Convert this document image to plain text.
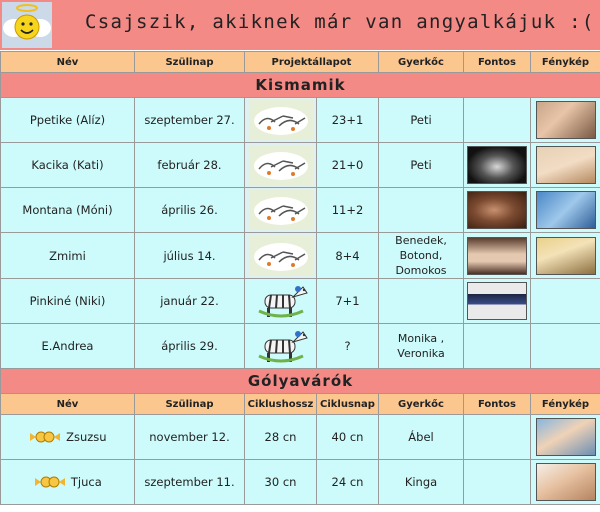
Csajszik, akiknek már van angyalkájuk :(
Név	Szülinap	Projektállapot		Gyerkőc	Fontos	Fénykép
Kismamik						
Ppetike (Alíz)	szeptember 27.		23+1	Peti		

Kacika (Kati)	február 28.		21+0	Peti	

Montana (Móni)	április 26.		11+2		

Zmimi	július 14.		8+4	Benedek, Botond, Domokos	

Pinkiné (Niki)	január 22.		7+1		

E.Andrea	április 29.		?	Monika , Veronika		
Gólyavárók						
Név	Szülinap	Ciklushossz	Ciklusnap	Gyerkőc	Fontos	Fénykép
Zsuzsu	november 12.	28 cn	40 cn	Ábel		

Tjuca	szeptember 11.	30 cn	24 cn	Kinga		
